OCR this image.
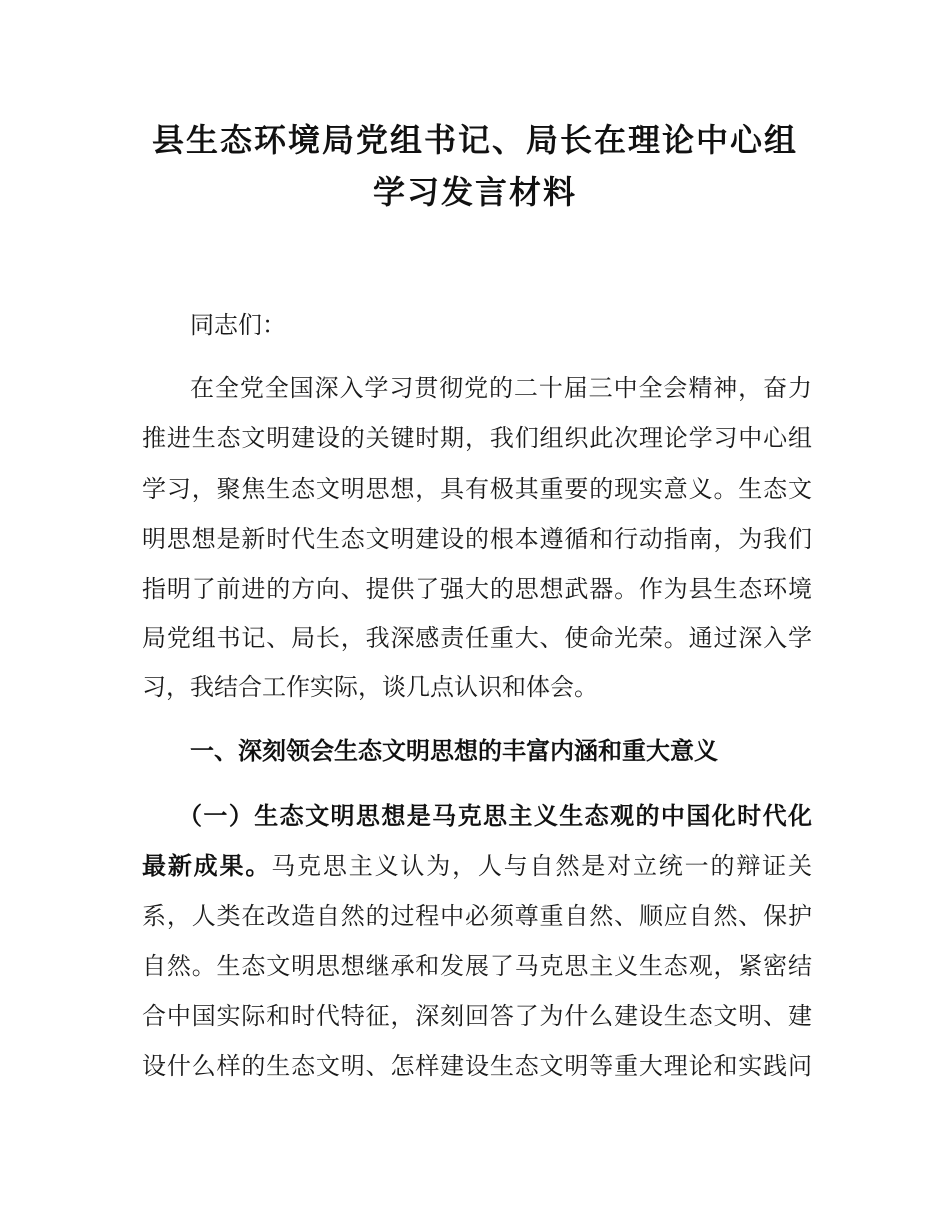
县生态环境局党组书记、局长在理论中心组
学习发言材料
同志们：
在全党全国深入学习贯彻党的二十届三中全会精神，奋力
推进生态文明建设的关键时期，我们组织此次理论学习中心组
学习，聚焦生态文明思想，具有极其重要的现实意义。生态文
明思想是新时代生态文明建设的根本遵循和行动指南，为我们
指明了前进的方向、提供了强大的思想武器。作为县生态环境
局党组书记、局长，我深感责任重大、使命光荣。通过深入学
习，我结合工作实际，谈几点认识和体会。
一、深刻领会生态文明思想的丰富内涵和重大意义
（一）生态文明思想是马克思主义生态观的中国化时代化
最新成果。马克思主义认为，人与自然是对立统一的辩证关
系，人类在改造自然的过程中必须尊重自然、顺应自然、保护
自然。生态文明思想继承和发展了马克思主义生态观，紧密结
合中国实际和时代特征，深刻回答了为什么建设生态文明、建
设什么样的生态文明、怎样建设生态文明等重大理论和实践问
